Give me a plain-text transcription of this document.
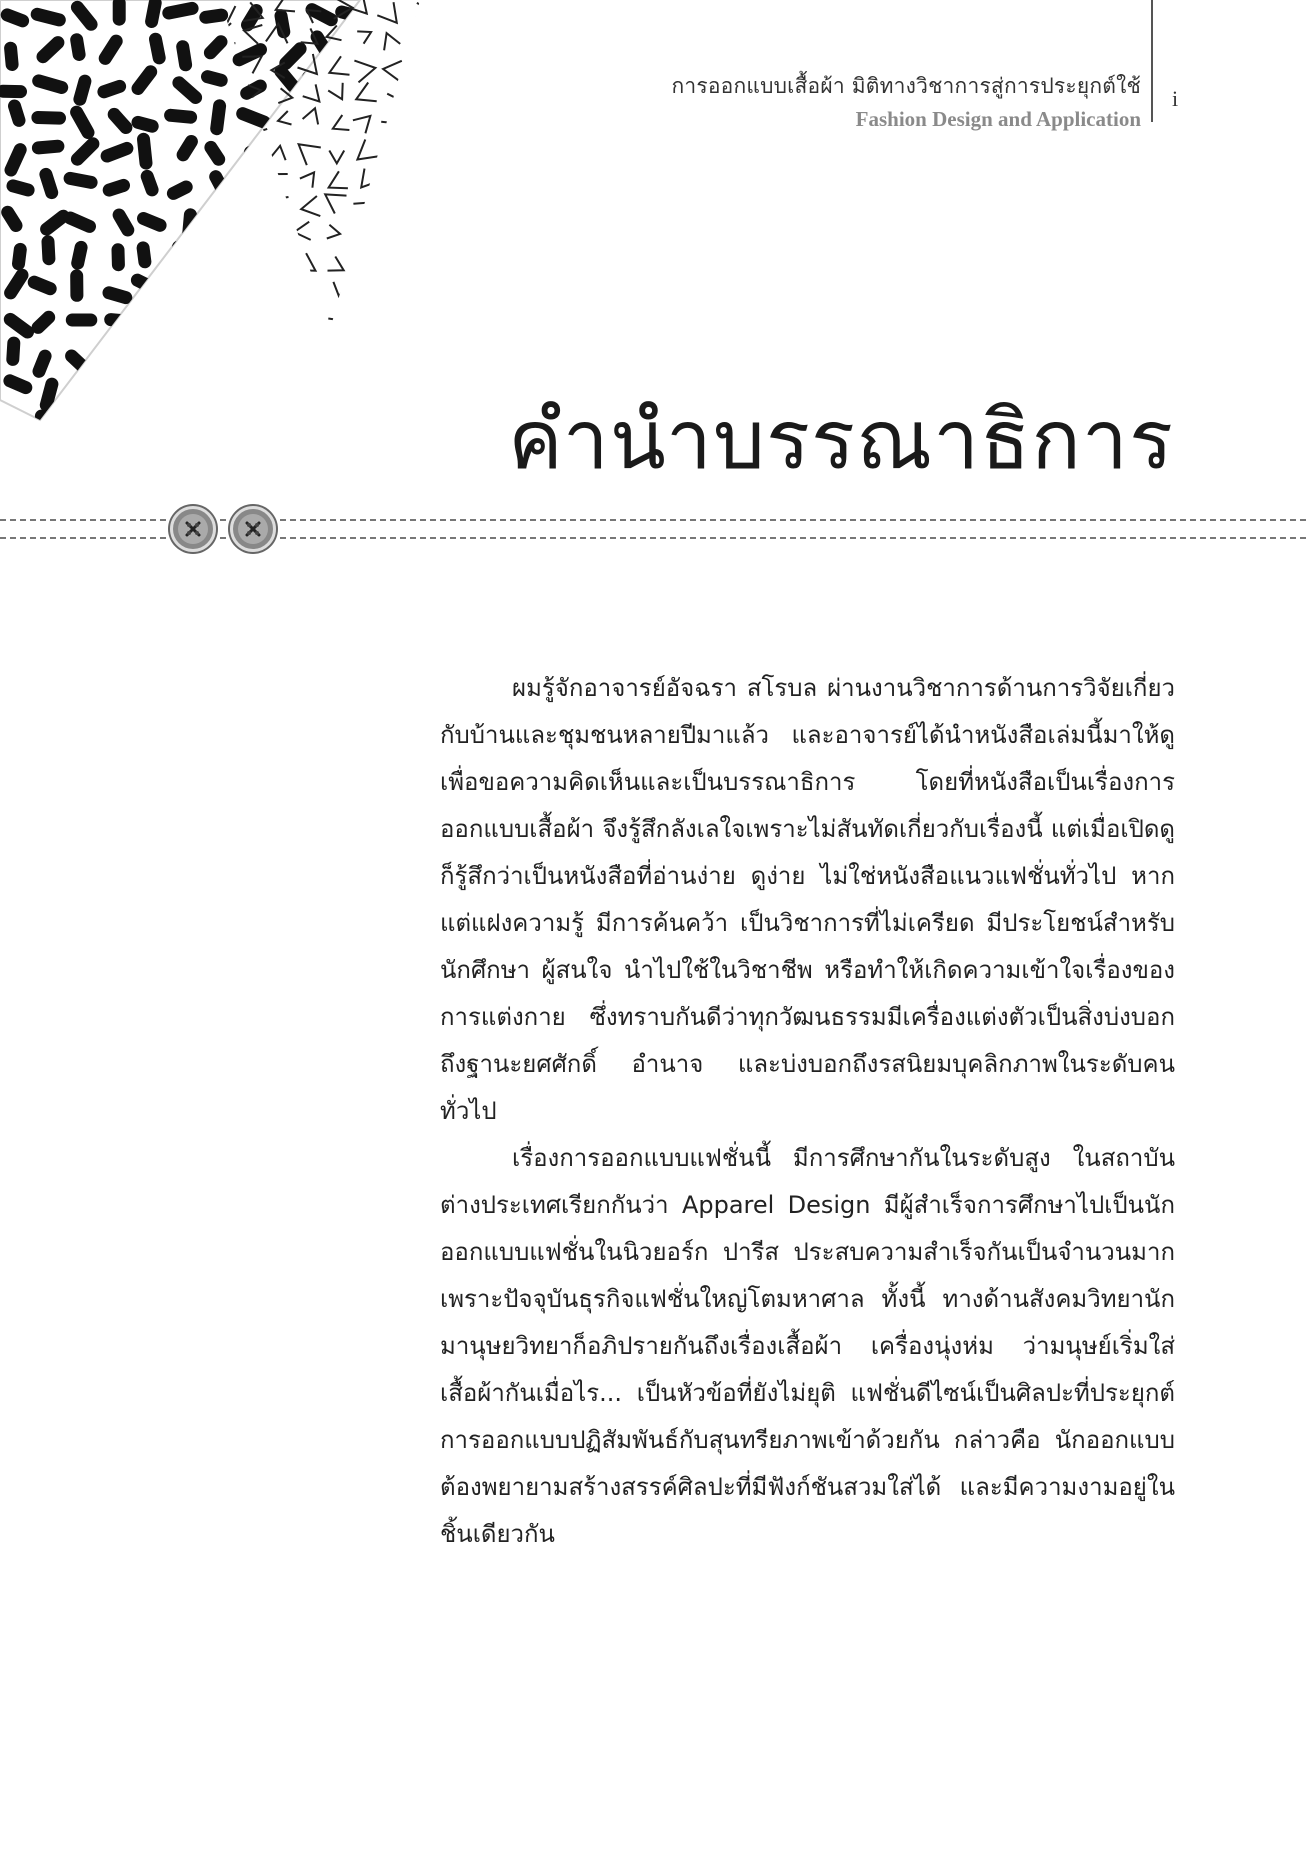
การออกแบบเสื้อผ้า มิติทางวิชาการสู่การประยุกต์ใช้
Fashion Design and Application
i
คำนำบรรณาธิการ

ผมรู้จักอาจารย์อัจฉรา สโรบล ผ่านงานวิชาการด้านการวิจัยเกี่ยวกับบ้านและชุมชนหลายปีมาแล้ว และอาจารย์ได้นำหนังสือเล่มนี้มาให้ดูเพื่อขอความคิดเห็นและเป็นบรรณาธิการ โดยที่หนังสือเป็นเรื่องการออกแบบเสื้อผ้า จึงรู้สึกลังเลใจเพราะไม่สันทัดเกี่ยวกับเรื่องนี้ แต่เมื่อเปิดดูก็รู้สึกว่าเป็นหนังสือที่อ่านง่าย ดูง่าย ไม่ใช่หนังสือแนวแฟชั่นทั่วไป หากแต่แฝงความรู้ มีการค้นคว้า เป็นวิชาการที่ไม่เครียด มีประโยชน์สำหรับนักศึกษา ผู้สนใจ นำไปใช้ในวิชาชีพ หรือทำให้เกิดความเข้าใจเรื่องของการแต่งกาย ซึ่งทราบกันดีว่าทุกวัฒนธรรมมีเครื่องแต่งตัวเป็นสิ่งบ่งบอกถึงฐานะยศศักดิ์ อำนาจ และบ่งบอกถึงรสนิยมบุคลิกภาพในระดับคนทั่วไป

เรื่องการออกแบบแฟชั่นนี้ มีการศึกษากันในระดับสูง ในสถาบันต่างประเทศเรียกกันว่า Apparel Design มีผู้สำเร็จการศึกษาไปเป็นนักออกแบบแฟชั่นในนิวยอร์ก ปารีส ประสบความสำเร็จกันเป็นจำนวนมาก เพราะปัจจุบันธุรกิจแฟชั่นใหญ่โตมหาศาล ทั้งนี้ ทางด้านสังคมวิทยานักมานุษยวิทยาก็อภิปรายกันถึงเรื่องเสื้อผ้า เครื่องนุ่งห่ม ว่ามนุษย์เริ่มใส่เสื้อผ้ากันเมื่อไร... เป็นหัวข้อที่ยังไม่ยุติ แฟชั่นดีไซน์เป็นศิลปะที่ประยุกต์การออกแบบปฏิสัมพันธ์กับสุนทรียภาพเข้าด้วยกัน กล่าวคือ นักออกแบบต้องพยายามสร้างสรรค์ศิลปะที่มีฟังก์ชันสวมใส่ได้ และมีความงามอยู่ในชิ้นเดียวกัน
